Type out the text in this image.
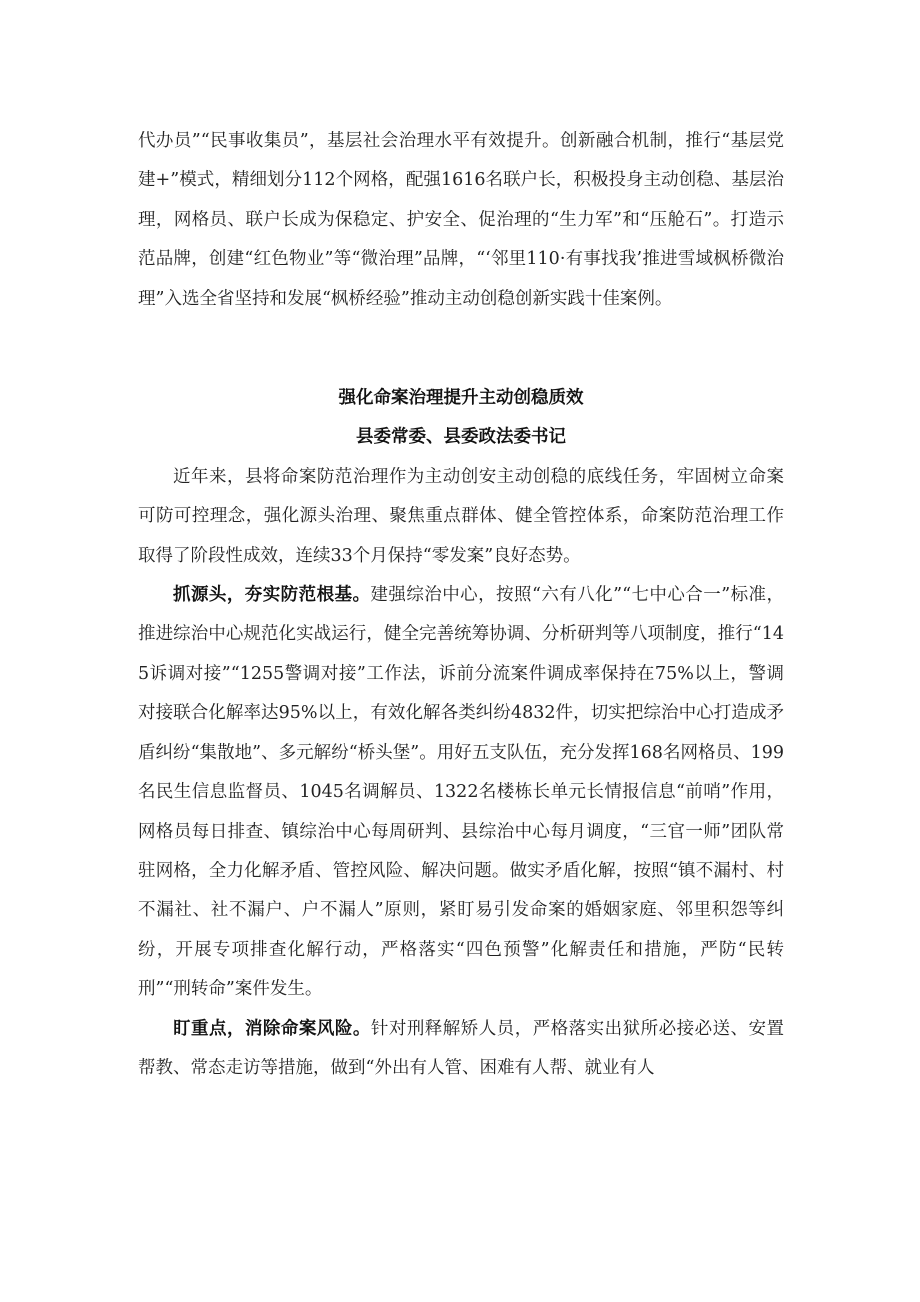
代办员”“民事收集员”，基层社会治理水平有效提升。创新融合机制，推行“基层党建+”模式，精细划分112个网格，配强1616名联户长，积极投身主动创稳、基层治理，网格员、联户长成为保稳定、护安全、促治理的“生力军”和“压舱石”。打造示范品牌，创建“红色物业”等“微治理”品牌，“‘邻里110·有事找我’推进雪域枫桥微治理”入选全省坚持和发展“枫桥经验”推动主动创稳创新实践十佳案例。

强化命案治理提升主动创稳质效
县委常委、县委政法委书记

近年来，县将命案防范治理作为主动创安主动创稳的底线任务，牢固树立命案可防可控理念，强化源头治理、聚焦重点群体、健全管控体系，命案防范治理工作取得了阶段性成效，连续33个月保持“零发案”良好态势。

抓源头，夯实防范根基。建强综治中心，按照“六有八化”“七中心合一”标准，推进综治中心规范化实战运行，健全完善统筹协调、分析研判等八项制度，推行“145诉调对接”“1255警调对接”工作法，诉前分流案件调成率保持在75%以上，警调对接联合化解率达95%以上，有效化解各类纠纷4832件，切实把综治中心打造成矛盾纠纷“集散地”、多元解纷“桥头堡”。用好五支队伍，充分发挥168名网格员、199名民生信息监督员、1045名调解员、1322名楼栋长单元长情报信息“前哨”作用，网格员每日排查、镇综治中心每周研判、县综治中心每月调度，“三官一师”团队常驻网格，全力化解矛盾、管控风险、解决问题。做实矛盾化解，按照“镇不漏村、村不漏社、社不漏户、户不漏人”原则，紧盯易引发命案的婚姻家庭、邻里积怨等纠纷，开展专项排查化解行动，严格落实“四色预警”化解责任和措施，严防“民转刑”“刑转命”案件发生。

盯重点，消除命案风险。针对刑释解矫人员，严格落实出狱所必接必送、安置帮教、常态走访等措施，做到“外出有人管、困难有人帮、就业有人
